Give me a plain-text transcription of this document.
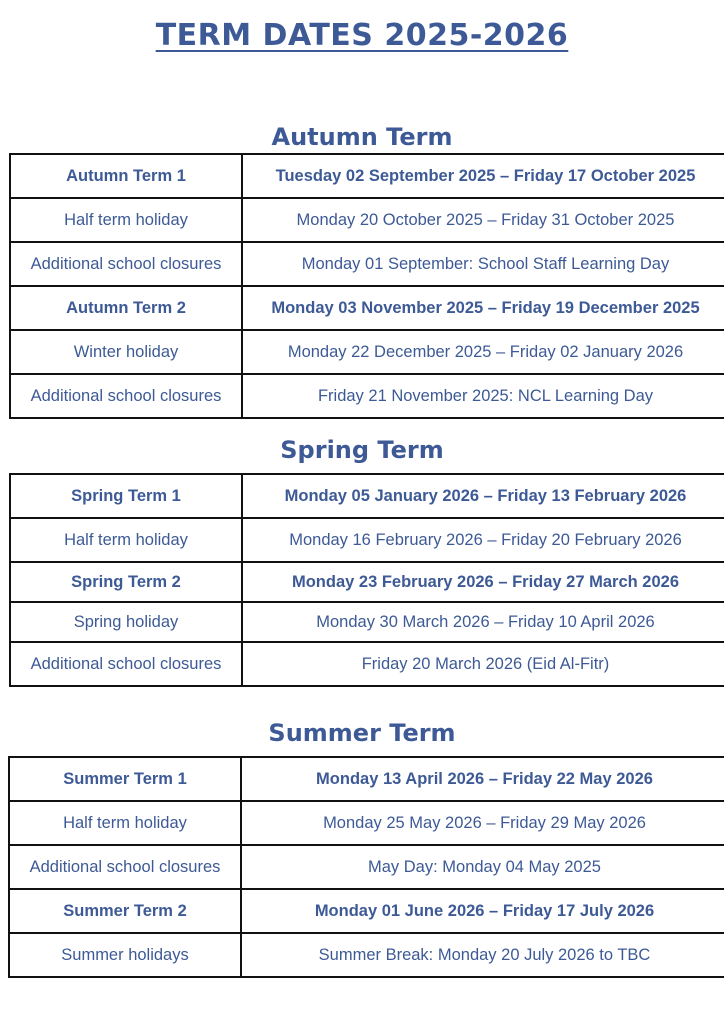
TERM DATES 2025-2026
Autumn Term
Autumn Term 1	Tuesday 02 September 2025 – Friday 17 October 2025
Half term holiday	Monday 20 October 2025 – Friday 31 October 2025
Additional school closures	Monday 01 September: School Staff Learning Day
Autumn Term 2	Monday 03 November 2025 – Friday 19 December 2025
Winter holiday	Monday 22 December 2025 – Friday 02 January 2026
Additional school closures	Friday 21 November 2025: NCL Learning Day
Spring Term
Spring Term 1	Monday 05 January 2026 – Friday 13 February 2026
Half term holiday	Monday 16 February 2026 – Friday 20 February 2026
Spring Term 2	Monday 23 February 2026 – Friday 27 March 2026
Spring holiday	Monday 30 March 2026 – Friday 10 April 2026
Additional school closures	Friday 20 March 2026 (Eid Al-Fitr)
Summer Term
Summer Term 1	Monday 13 April 2026 – Friday 22 May 2026
Half term holiday	Monday 25 May 2026 – Friday 29 May 2026
Additional school closures	May Day: Monday 04 May 2025
Summer Term 2	Monday 01 June 2026 – Friday 17 July 2026
Summer holidays	Summer Break: Monday 20 July 2026 to TBC
